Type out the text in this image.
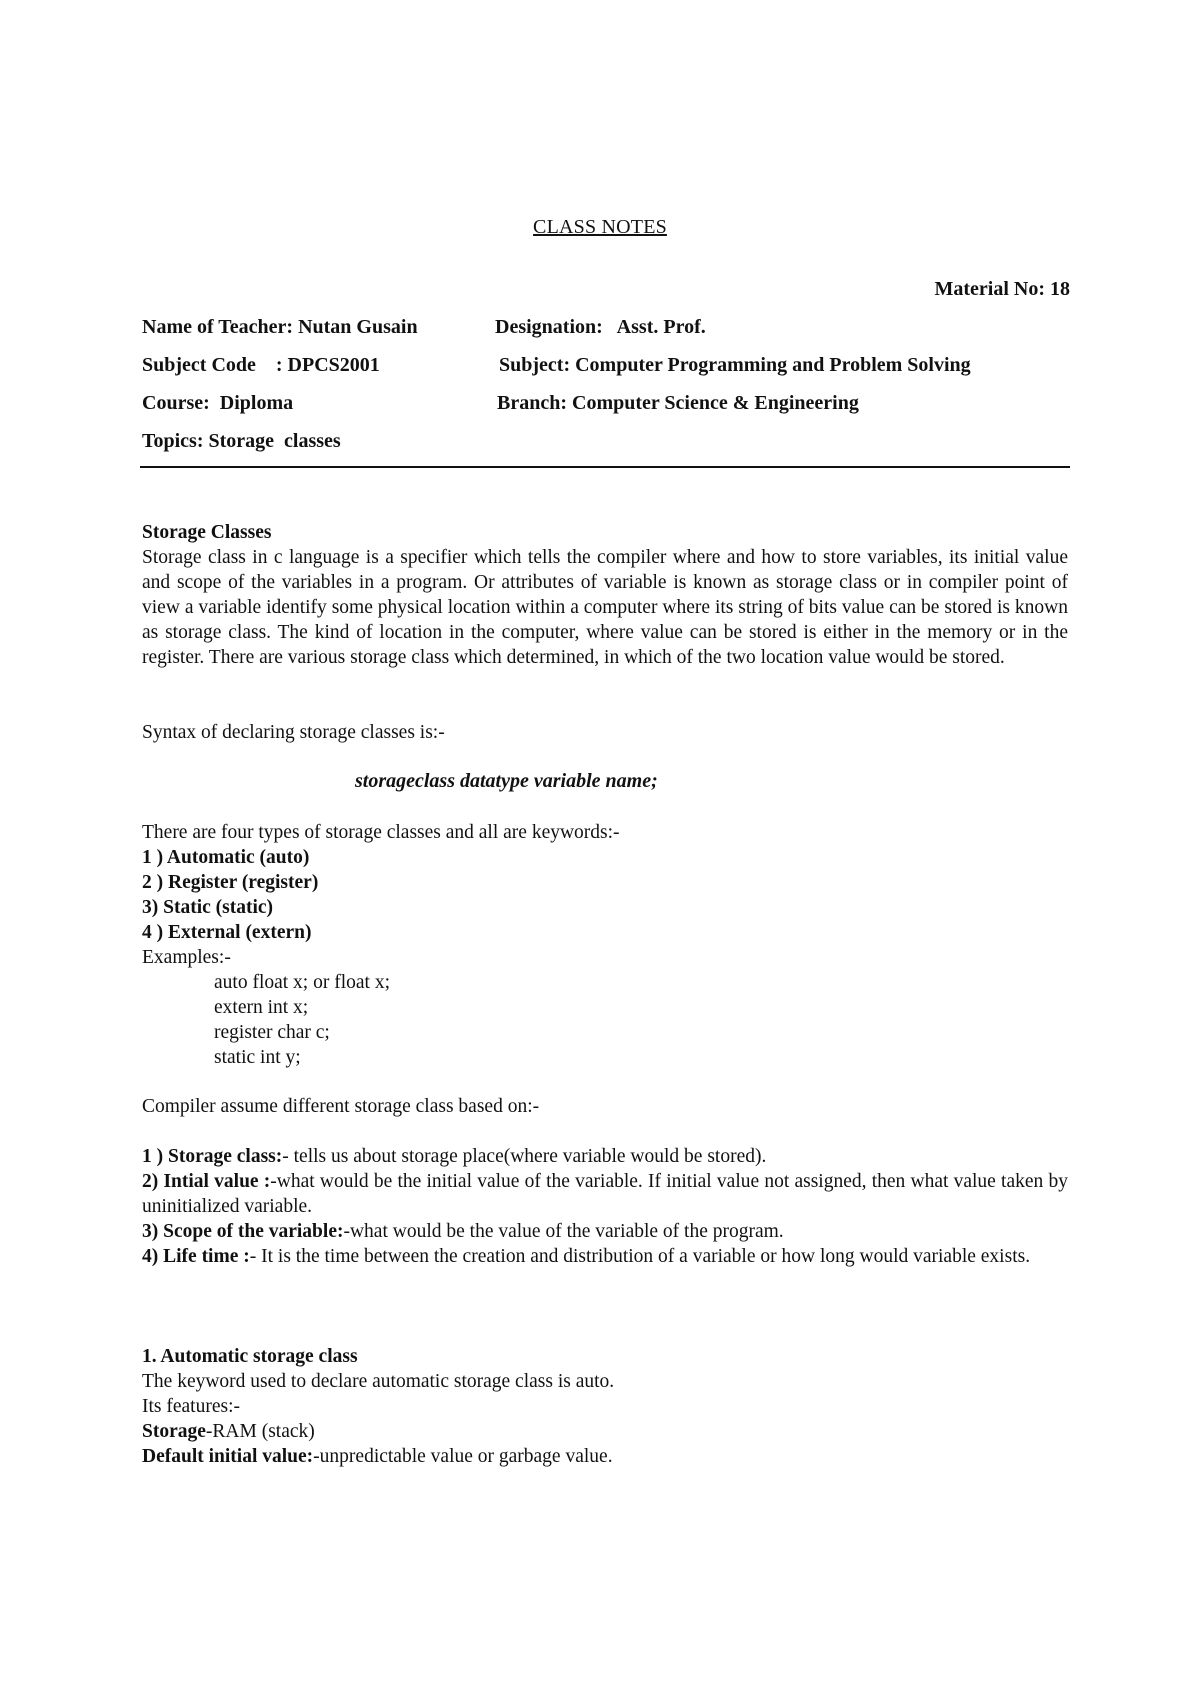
CLASS NOTES
Material No: 18
Name of Teacher: Nutan Gusain	Designation:   Asst. Prof.
Subject Code    : DPCS2001	Subject: Computer Programming and Problem Solving
Course:  Diploma	Branch: Computer Science & Engineering
Topics: Storage  classes
Storage Classes
Storage class in c language is a specifier which tells the compiler where and how to store variables, its initial value and scope of the variables in a program. Or attributes of variable is known as storage class or in compiler point of view a variable identify some physical location within a computer where its string of bits value can be stored is known as storage class. The kind of location in the computer, where value can be stored is either in the memory or in the register. There are various storage class which determined, in which of the two location value would be stored.
Syntax of declaring storage classes is:-
storageclass datatype variable name;
There are four types of storage classes and all are keywords:-
1 ) Automatic (auto)
2 ) Register (register)
3) Static (static)
4 ) External (extern)
Examples:-
auto float x; or float x;
extern int x;
register char c;
static int y;
Compiler assume different storage class based on:-
1 ) Storage class:- tells us about storage place(where variable would be stored).
2) Intial value :-what would be the initial value of the variable. If initial value not assigned, then what value taken by uninitialized variable.
3) Scope of the variable:-what would be the value of the variable of the program.
4) Life time :- It is the time between the creation and distribution of a variable or how long would variable exists.
1. Automatic storage class
The keyword used to declare automatic storage class is auto.
Its features:-
Storage-RAM (stack)
Default initial value:-unpredictable value or garbage value.
